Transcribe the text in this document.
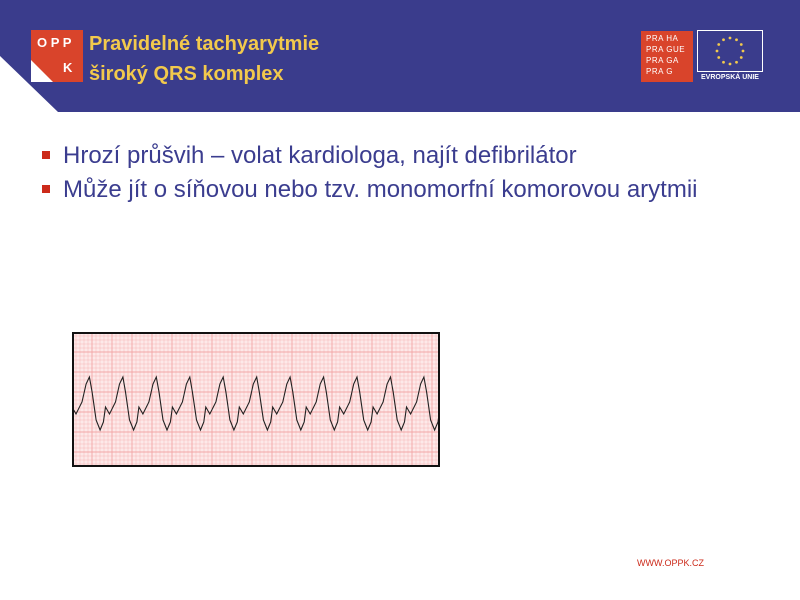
O P P
K
Pravidelné tachyarytmie
široký QRS komplex
PRA HA
PRA GUE
PRA GA
PRA G
EVROPSKÁ UNIE
Hrozí průšvih – volat kardiologa, najít defibrilátor
Může jít o síňovou nebo tzv. monomorfní komorovou arytmii
WWW.OPPK.CZ
